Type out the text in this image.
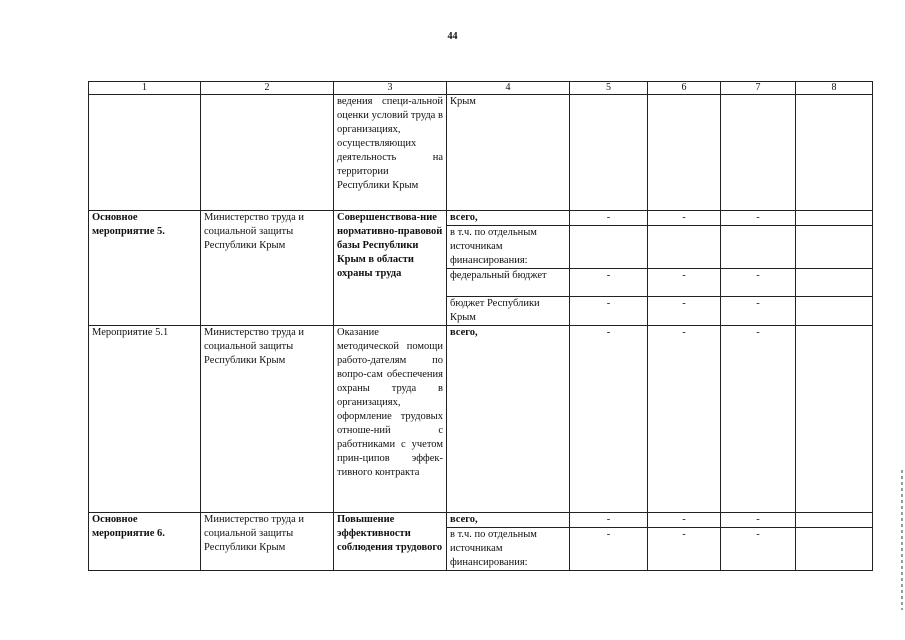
44
1	2	3	4	5	6	7	8
		ведения специ-альной оценки условий труда в организациях, осуществляющих деятельность на территории Республики Крым	Крым				
Основное мероприятие 5.	Министерство труда и социальной защиты Республики Крым	Совершенствова-ние нормативно-правовой базы Республики Крым в области охраны труда	всего,	-	-	-	
			в т.ч. по отдельным источникам финансирования:				
			федеральный бюджет	-	-	-	
			бюджет Республики Крым	-	-	-	
Мероприятие 5.1	Министерство труда и социальной защиты Республики Крым	Оказание методической помощи работо-дателям по вопро-сам обеспечения охраны труда в организациях, оформление трудовых отноше-ний с работниками с учетом прин-ципов эффек-тивного контракта	всего,	-	-	-	
Основное мероприятие 6.	Министерство труда и социальной защиты Республики Крым	Повышение эффективности соблюдения трудового	всего,	-	-	-	
			в т.ч. по отдельным источникам финансирования:	-	-	-	
